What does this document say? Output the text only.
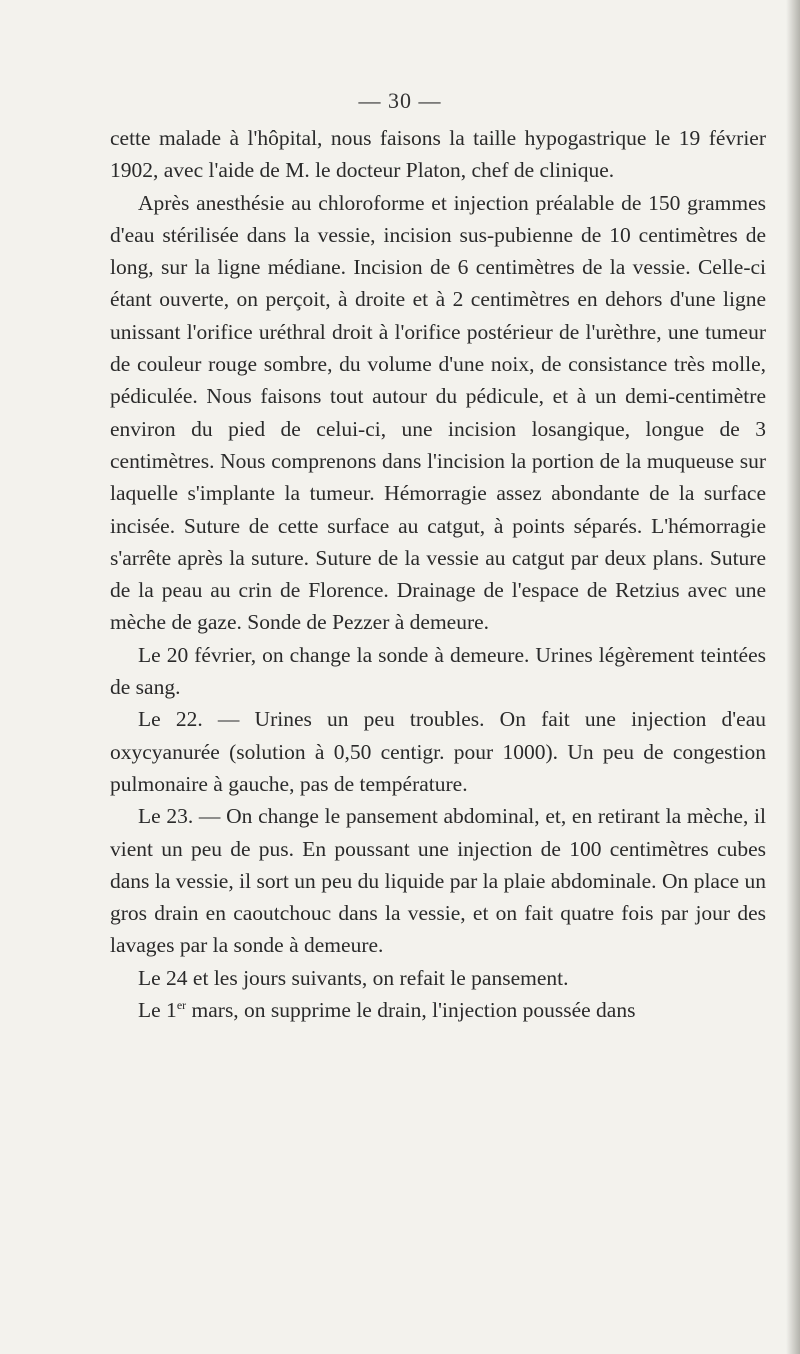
— 30 —

cette malade à l'hôpital, nous faisons la taille hypogastrique le 19 février 1902, avec l'aide de M. le docteur Platon, chef de clinique.

Après anesthésie au chloroforme et injection préalable de 150 grammes d'eau stérilisée dans la vessie, incision sus-pubienne de 10 centimètres de long, sur la ligne médiane. Incision de 6 centimètres de la vessie. Celle-ci étant ouverte, on perçoit, à droite et à 2 centimètres en dehors d'une ligne unissant l'orifice uréthral droit à l'orifice postérieur de l'urèthre, une tumeur de couleur rouge sombre, du volume d'une noix, de consistance très molle, pédiculée. Nous faisons tout autour du pédicule, et à un demi-centimètre environ du pied de celui-ci, une incision losangique, longue de 3 centimètres. Nous comprenons dans l'incision la portion de la muqueuse sur laquelle s'implante la tumeur. Hémorragie assez abondante de la surface incisée. Suture de cette surface au catgut, à points séparés. L'hémorragie s'arrête après la suture. Suture de la vessie au catgut par deux plans. Suture de la peau au crin de Florence. Drainage de l'espace de Retzius avec une mèche de gaze. Sonde de Pezzer à demeure.

Le 20 février, on change la sonde à demeure. Urines légèrement teintées de sang.

Le 22. — Urines un peu troubles. On fait une injection d'eau oxycyanurée (solution à 0,50 centigr. pour 1000). Un peu de congestion pulmonaire à gauche, pas de température.

Le 23. — On change le pansement abdominal, et, en retirant la mèche, il vient un peu de pus. En poussant une injection de 100 centimètres cubes dans la vessie, il sort un peu du liquide par la plaie abdominale. On place un gros drain en caoutchouc dans la vessie, et on fait quatre fois par jour des lavages par la sonde à demeure.

Le 24 et les jours suivants, on refait le pansement.

Le 1er mars, on supprime le drain, l'injection poussée dans
